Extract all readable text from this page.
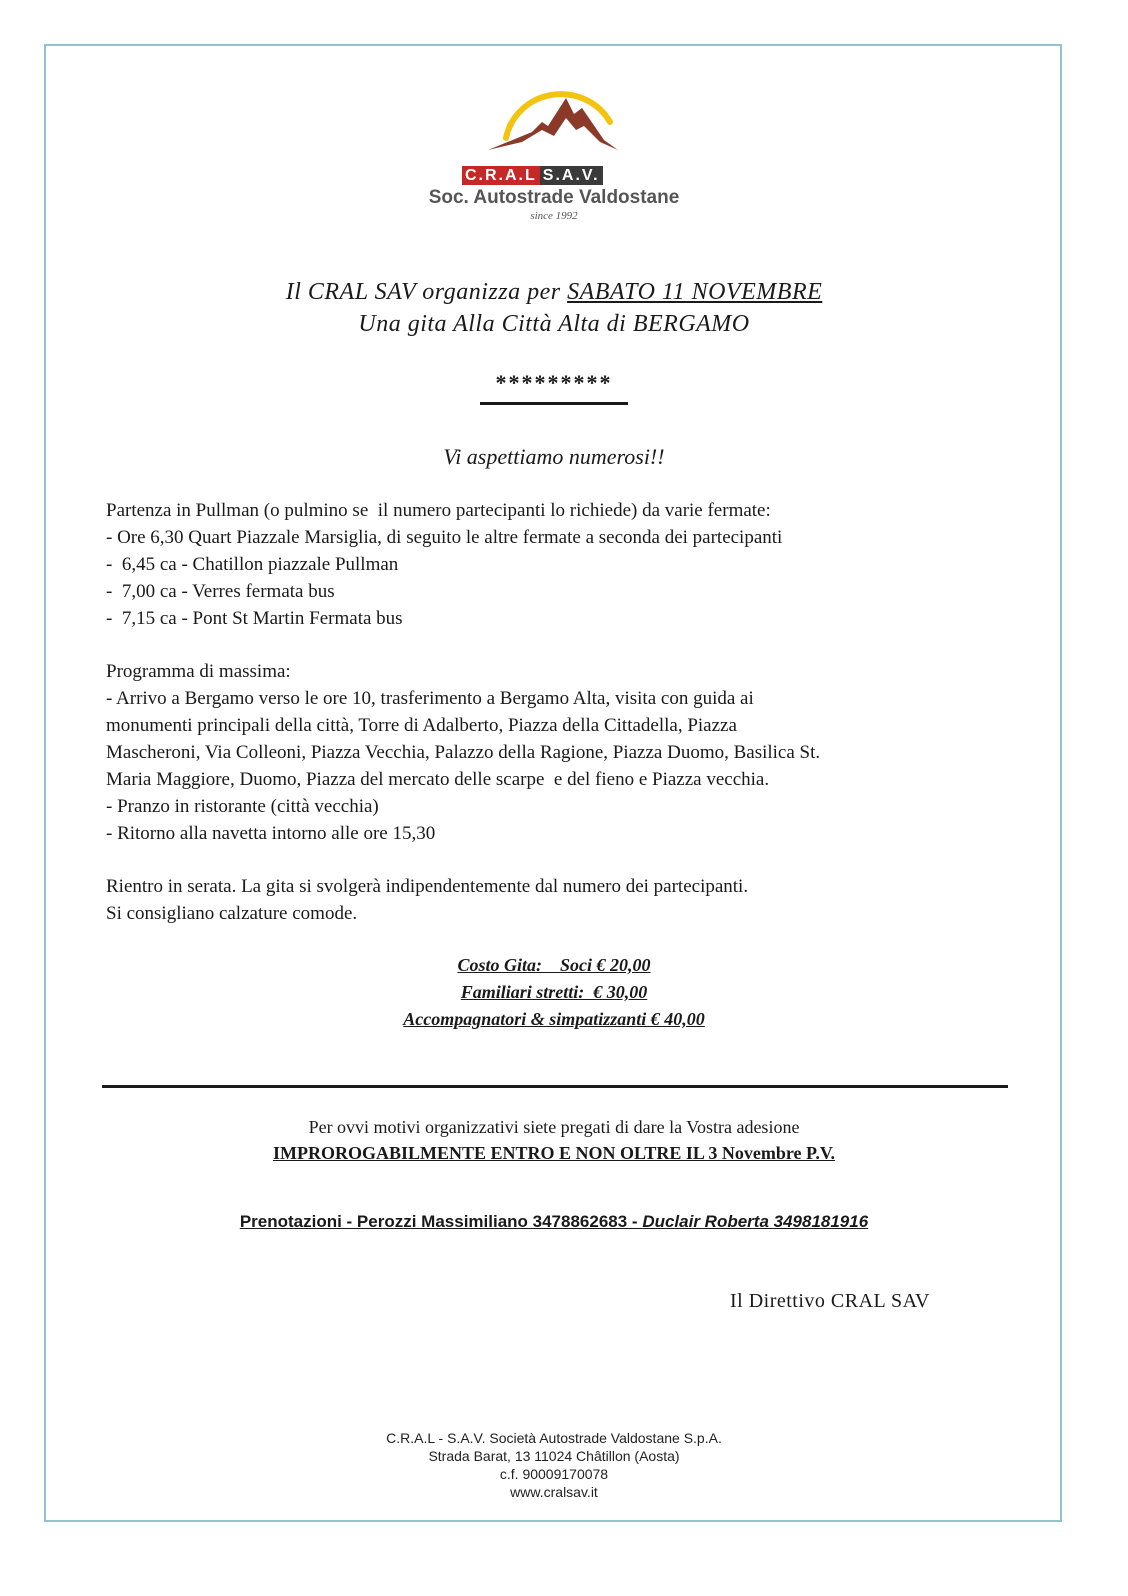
C.R.A.L S.A.V.
Soc. Autostrade Valdostane
since 1992
Il CRAL SAV organizza per SABATO 11 NOVEMBRE
Una gita Alla Città Alta di BERGAMO
*********
Vi aspettiamo numerosi!!
Partenza in Pullman (o pulmino se  il numero partecipanti lo richiede) da varie fermate:
- Ore 6,30 Quart Piazzale Marsiglia, di seguito le altre fermate a seconda dei partecipanti
-  6,45 ca - Chatillon piazzale Pullman
-  7,00 ca - Verres fermata bus
-  7,15 ca - Pont St Martin Fermata bus
Programma di massima:
- Arrivo a Bergamo verso le ore 10, trasferimento a Bergamo Alta, visita con guida ai
monumenti principali della città, Torre di Adalberto, Piazza della Cittadella, Piazza
Mascheroni, Via Colleoni, Piazza Vecchia, Palazzo della Ragione, Piazza Duomo, Basilica St.
Maria Maggiore, Duomo, Piazza del mercato delle scarpe  e del fieno e Piazza vecchia.
- Pranzo in ristorante (città vecchia)
- Ritorno alla navetta intorno alle ore 15,30
Rientro in serata. La gita si svolgerà indipendentemente dal numero dei partecipanti.
Si consigliano calzature comode.
Costo Gita:    Soci € 20,00
Familiari stretti:  € 30,00
Accompagnatori & simpatizzanti € 40,00
Per ovvi motivi organizzativi siete pregati di dare la Vostra adesione
IMPROROGABILMENTE ENTRO E NON OLTRE IL 3 Novembre P.V.
Prenotazioni - Perozzi Massimiliano 3478862683 - Duclair Roberta 3498181916
Il Direttivo CRAL SAV
C.R.A.L - S.A.V. Società Autostrade Valdostane S.p.A.
Strada Barat, 13 11024 Châtillon (Aosta)
c.f. 90009170078
www.cralsav.it
